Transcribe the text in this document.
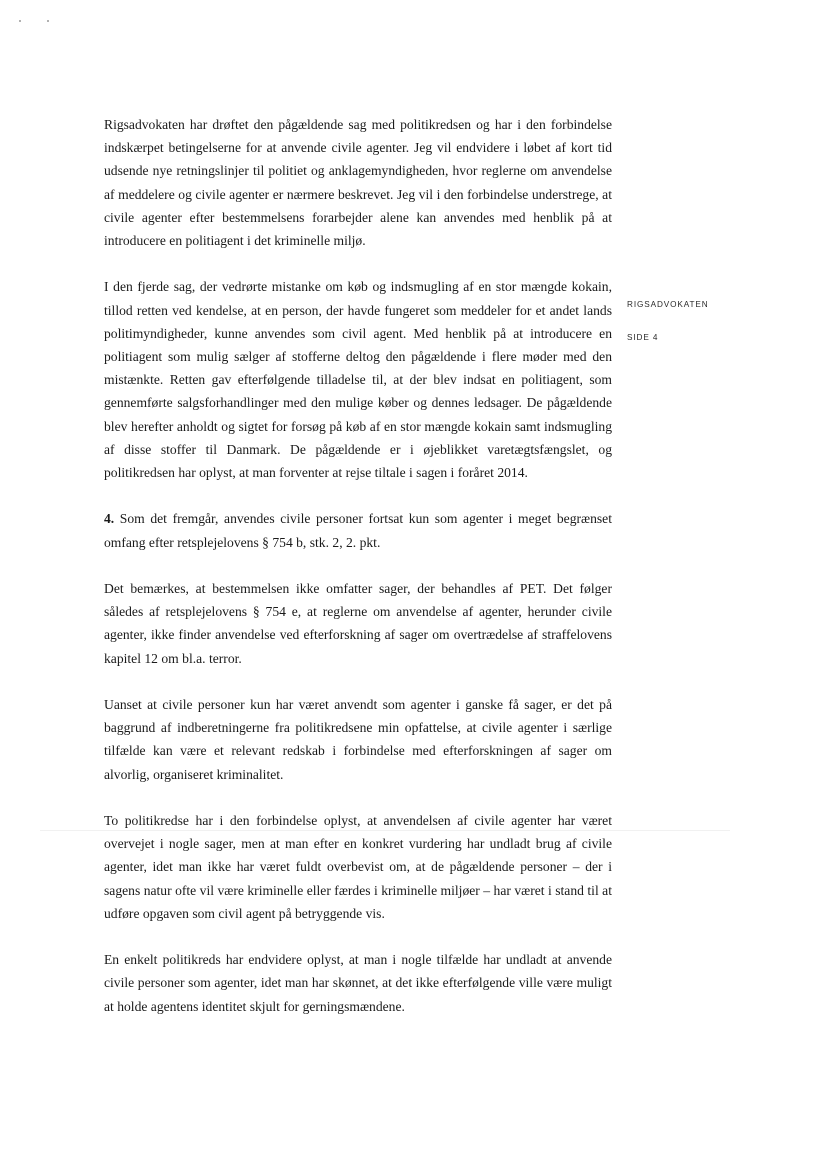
RIGSADVOKATEN
SIDE 4

Rigsadvokaten har drøftet den pågældende sag med politikredsen og har i den forbindelse indskærpet betingelserne for at anvende civile agenter. Jeg vil endvidere i løbet af kort tid udsende nye retningslinjer til politiet og anklagemyndigheden, hvor reglerne om anvendelse af meddelere og civile agenter er nærmere beskrevet. Jeg vil i den forbindelse understrege, at civile agenter efter bestemmelsens forarbejder alene kan anvendes med henblik på at introducere en politiagent i det kriminelle miljø.

I den fjerde sag, der vedrørte mistanke om køb og indsmugling af en stor mængde kokain, tillod retten ved kendelse, at en person, der havde fungeret som meddeler for et andet lands politimyndigheder, kunne anvendes som civil agent. Med henblik på at introducere en politiagent som mulig sælger af stofferne deltog den pågældende i flere møder med den mistænkte. Retten gav efterfølgende tilladelse til, at der blev indsat en politiagent, som gennemførte salgsforhandlinger med den mulige køber og dennes ledsager. De pågældende blev herefter anholdt og sigtet for forsøg på køb af en stor mængde kokain samt indsmugling af disse stoffer til Danmark. De pågældende er i øjeblikket varetægtsfængslet, og politikredsen har oplyst, at man forventer at rejse tiltale i sagen i foråret 2014.

4. Som det fremgår, anvendes civile personer fortsat kun som agenter i meget begrænset omfang efter retsplejelovens § 754 b, stk. 2, 2. pkt.

Det bemærkes, at bestemmelsen ikke omfatter sager, der behandles af PET. Det følger således af retsplejelovens § 754 e, at reglerne om anvendelse af agenter, herunder civile agenter, ikke finder anvendelse ved efterforskning af sager om overtrædelse af straffelovens kapitel 12 om bl.a. terror.

Uanset at civile personer kun har været anvendt som agenter i ganske få sager, er det på baggrund af indberetningerne fra politikredsene min opfattelse, at civile agenter i særlige tilfælde kan være et relevant redskab i forbindelse med efterforskningen af sager om alvorlig, organiseret kriminalitet.

To politikredse har i den forbindelse oplyst, at anvendelsen af civile agenter har været overvejet i nogle sager, men at man efter en konkret vurdering har undladt brug af civile agenter, idet man ikke har været fuldt overbevist om, at de pågældende personer – der i sagens natur ofte vil være kriminelle eller færdes i kriminelle miljøer – har været i stand til at udføre opgaven som civil agent på betryggende vis.

En enkelt politikreds har endvidere oplyst, at man i nogle tilfælde har undladt at anvende civile personer som agenter, idet man har skønnet, at det ikke efterfølgende ville være muligt at holde agentens identitet skjult for gerningsmændene.
